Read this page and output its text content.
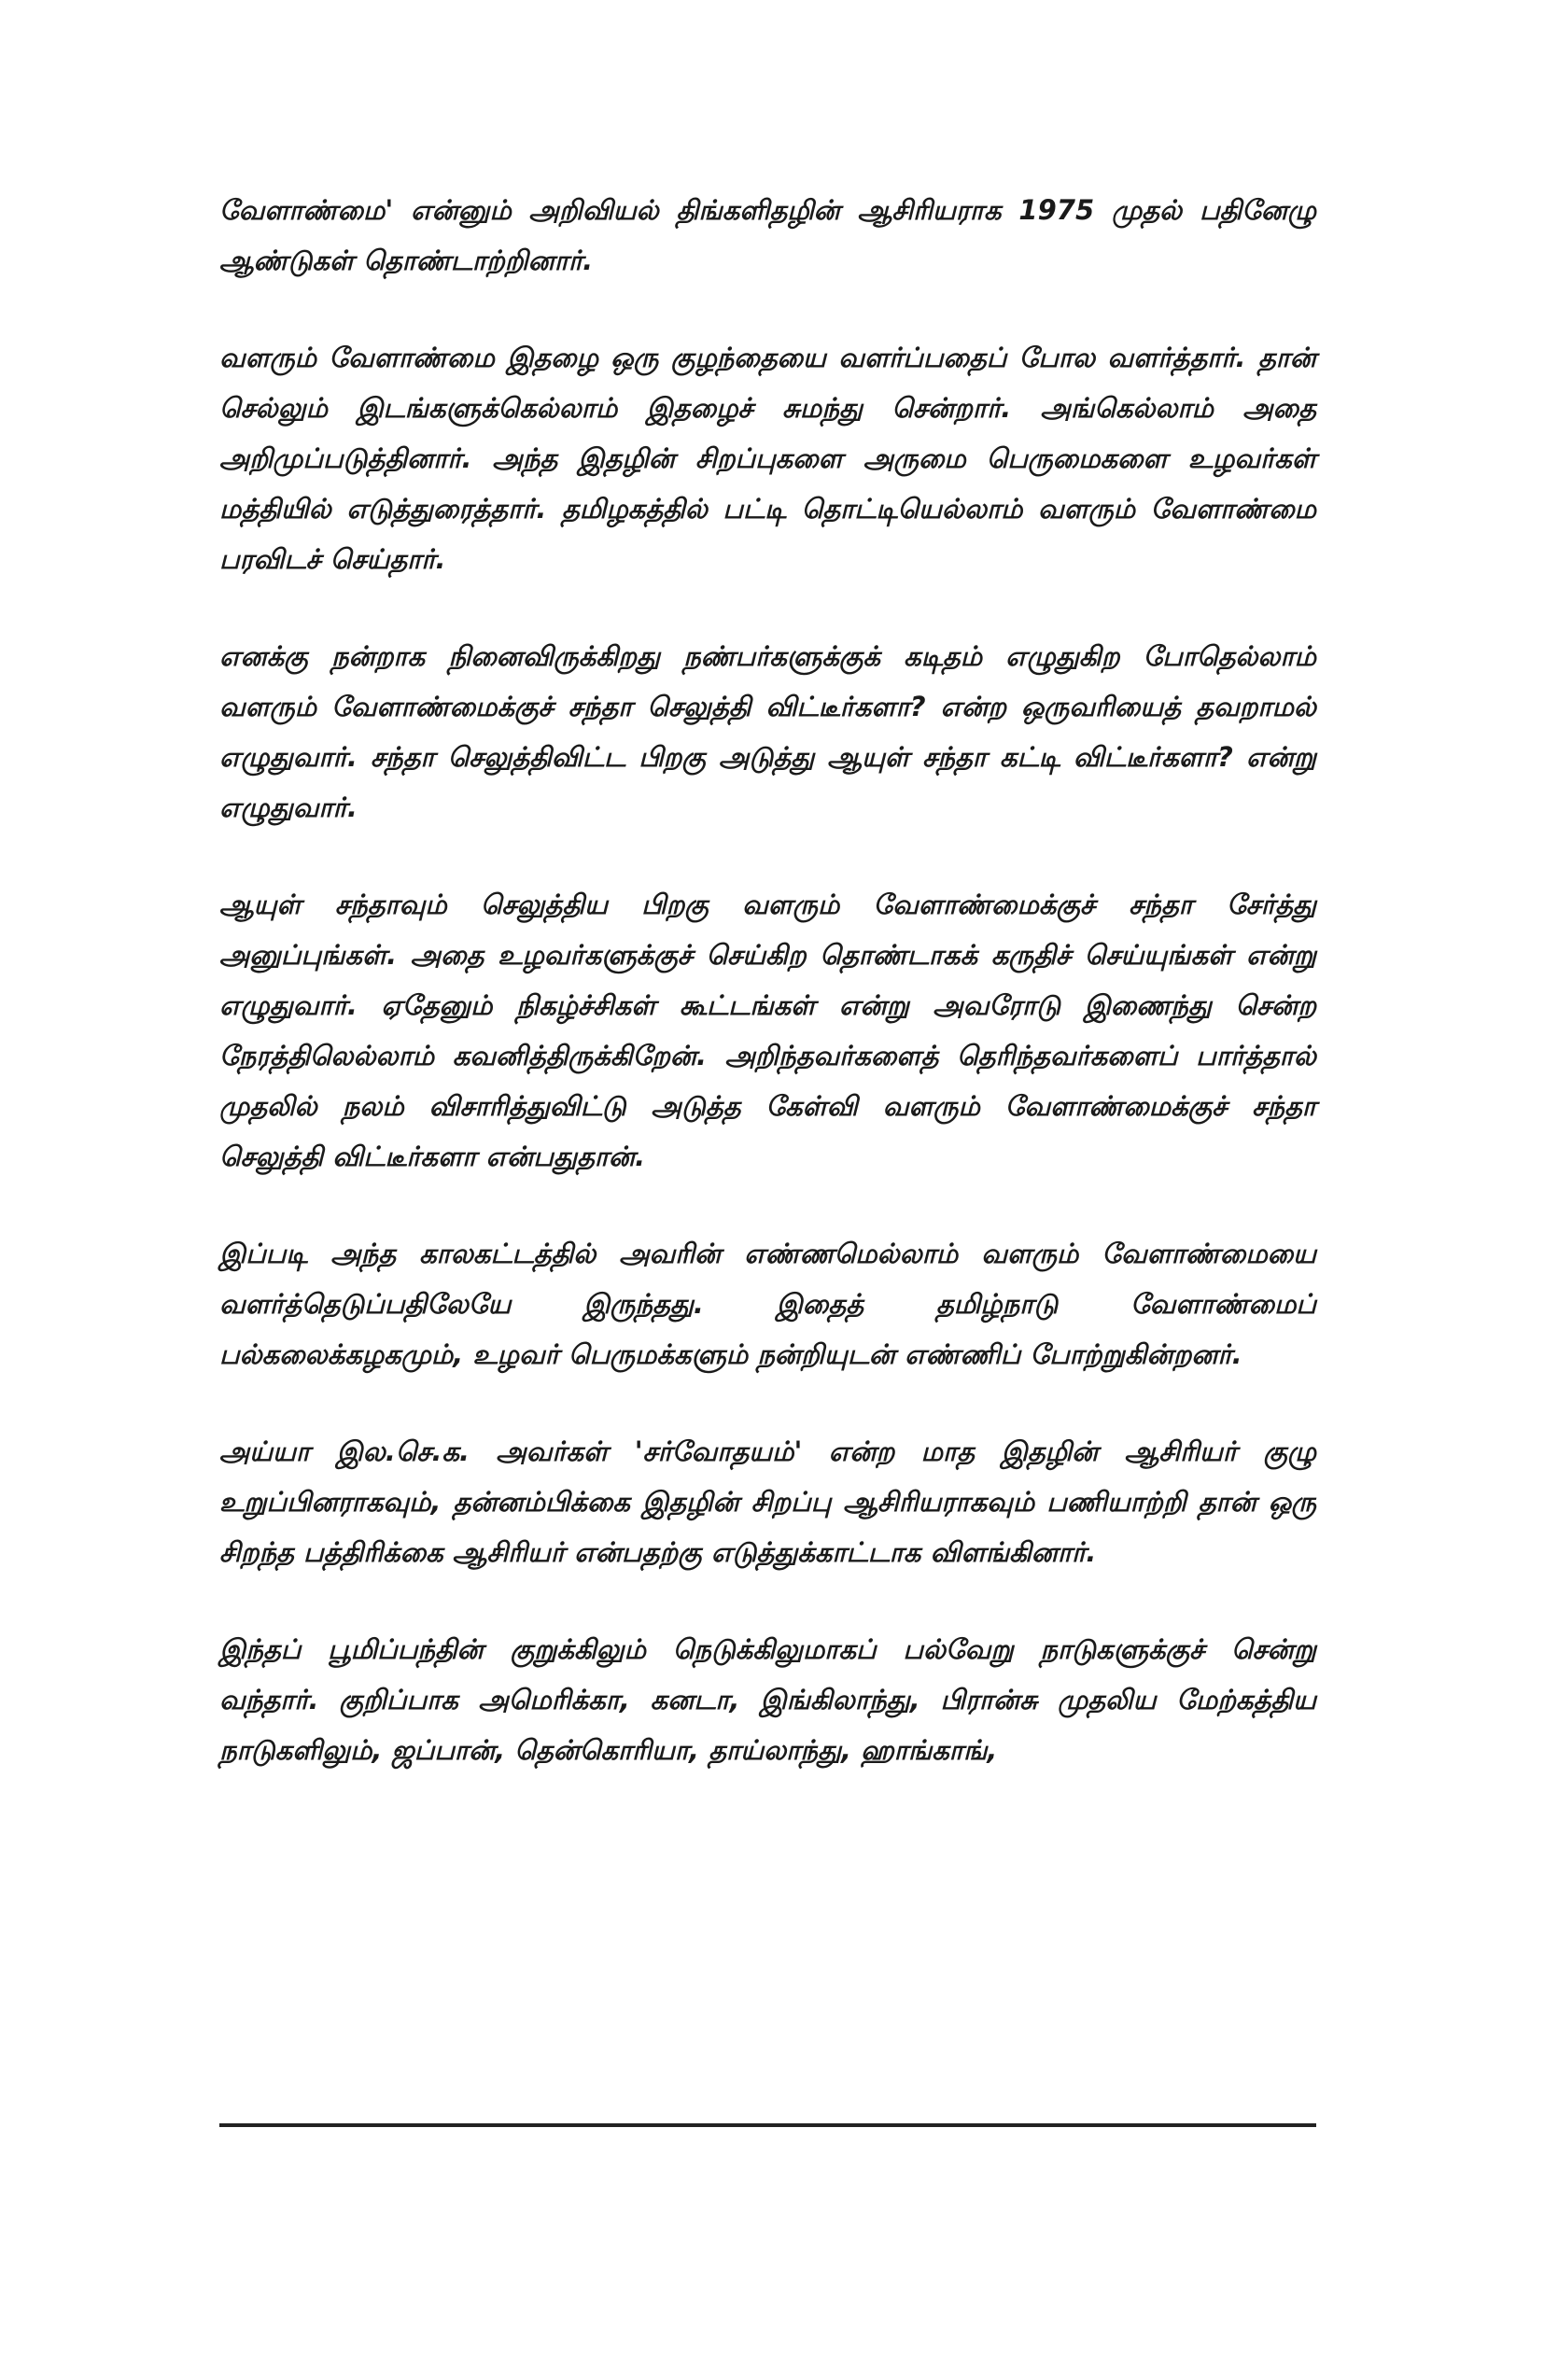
வேளாண்மை' என்னும் அறிவியல் திங்களிதழின் ஆசிரியராக 1975 முதல் பதினேழு ஆண்டுகள் தொண்டாற்றினார்.

வளரும் வேளாண்மை இதழை ஒரு குழந்தையை வளர்ப்பதைப் போல வளர்த்தார். தான் செல்லும் இடங்களுக்கெல்லாம் இதழைச் சுமந்து சென்றார். அங்கெல்லாம் அதை அறிமுப்படுத்தினார். அந்த இதழின் சிறப்புகளை அருமை பெருமைகளை உழவர்கள் மத்தியில் எடுத்துரைத்தார். தமிழகத்தில் பட்டி தொட்டியெல்லாம் வளரும் வேளாண்மை பரவிடச் செய்தார்.

எனக்கு நன்றாக நினைவிருக்கிறது நண்பர்களுக்குக் கடிதம் எழுதுகிற போதெல்லாம் வளரும் வேளாண்மைக்குச் சந்தா செலுத்தி விட்டீர்களா? என்ற ஒருவரியைத் தவறாமல் எழுதுவார். சந்தா செலுத்திவிட்ட பிறகு அடுத்து ஆயுள் சந்தா கட்டி விட்டீர்களா? என்று எழுதுவார்.

ஆயுள் சந்தாவும் செலுத்திய பிறகு வளரும் வேளாண்மைக்குச் சந்தா சேர்த்து அனுப்புங்கள். அதை உழவர்களுக்குச் செய்கிற தொண்டாகக் கருதிச் செய்யுங்கள் என்று எழுதுவார். ஏதேனும் நிகழ்ச்சிகள் கூட்டங்கள் என்று அவரோடு இணைந்து சென்ற நேரத்திலெல்லாம் கவனித்திருக்கிறேன். அறிந்தவர்களைத் தெரிந்தவர்களைப் பார்த்தால் முதலில் நலம் விசாரித்துவிட்டு அடுத்த கேள்வி வளரும் வேளாண்மைக்குச் சந்தா செலுத்தி விட்டீர்களா என்பதுதான்.

இப்படி அந்த காலகட்டத்தில் அவரின் எண்ணமெல்லாம் வளரும் வேளாண்மையை வளர்த்தெடுப்பதிலேயே இருந்தது. இதைத் தமிழ்நாடு வேளாண்மைப் பல்கலைக்கழகமும், உழவர் பெருமக்களும் நன்றியுடன் எண்ணிப் போற்றுகின்றனர்.

அய்யா இல.செ.க. அவர்கள் 'சர்வோதயம்' என்ற மாத இதழின் ஆசிரியர் குழு உறுப்பினராகவும், தன்னம்பிக்கை இதழின் சிறப்பு ஆசிரியராகவும் பணியாற்றி தான் ஒரு சிறந்த பத்திரிக்கை ஆசிரியர் என்பதற்கு எடுத்துக்காட்டாக விளங்கினார்.

இந்தப் பூமிப்பந்தின் குறுக்கிலும் நெடுக்கிலுமாகப் பல்வேறு நாடுகளுக்குச் சென்று வந்தார். குறிப்பாக அமெரிக்கா, கனடா, இங்கிலாந்து, பிரான்சு முதலிய மேற்கத்திய நாடுகளிலும், ஜப்பான், தென்கொரியா, தாய்லாந்து, ஹாங்காங்,
